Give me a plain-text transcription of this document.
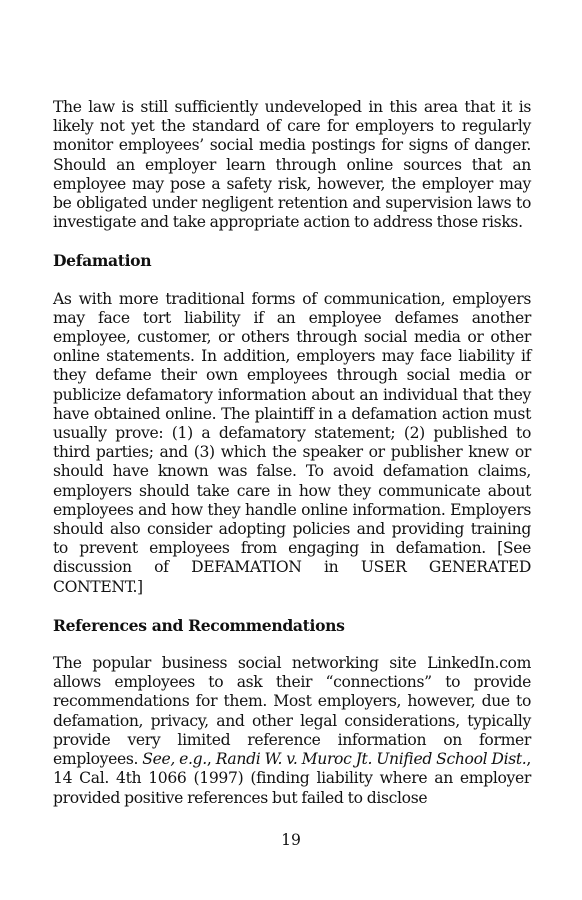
The law is still sufficiently undeveloped in this area that it is likely not yet the standard of care for employers to regularly monitor employees’ social media postings for signs of danger. Should an employer learn through online sources that an employee may pose a safety risk, however, the employer may be obligated under negligent retention and supervision laws to investigate and take appropriate action to address those risks.

Defamation

As with more traditional forms of communication, employers may face tort liability if an employee defames another employee, customer, or others through social media or other online statements. In addition, employers may face liability if they defame their own employees through social media or publicize defamatory information about an individual that they have obtained online. The plaintiff in a defamation action must usually prove: (1) a defamatory statement; (2) published to third parties; and (3) which the speaker or publisher knew or should have known was false. To avoid defamation claims, employers should take care in how they communicate about employees and how they handle online information. Employers should also consider adopting policies and providing training to prevent employees from engaging in defamation. [See discussion of DEFAMATION in USER GENERATED CONTENT.]

References and Recommendations

The popular business social networking site LinkedIn.com allows employees to ask their “connections” to provide recommendations for them. Most employers, however, due to defamation, privacy, and other legal considerations, typically provide very limited reference information on former employees. See, e.g., Randi W. v. Muroc Jt. Unified School Dist., 14 Cal. 4th 1066 (1997) (finding liability where an employer provided positive references but failed to disclose

19
